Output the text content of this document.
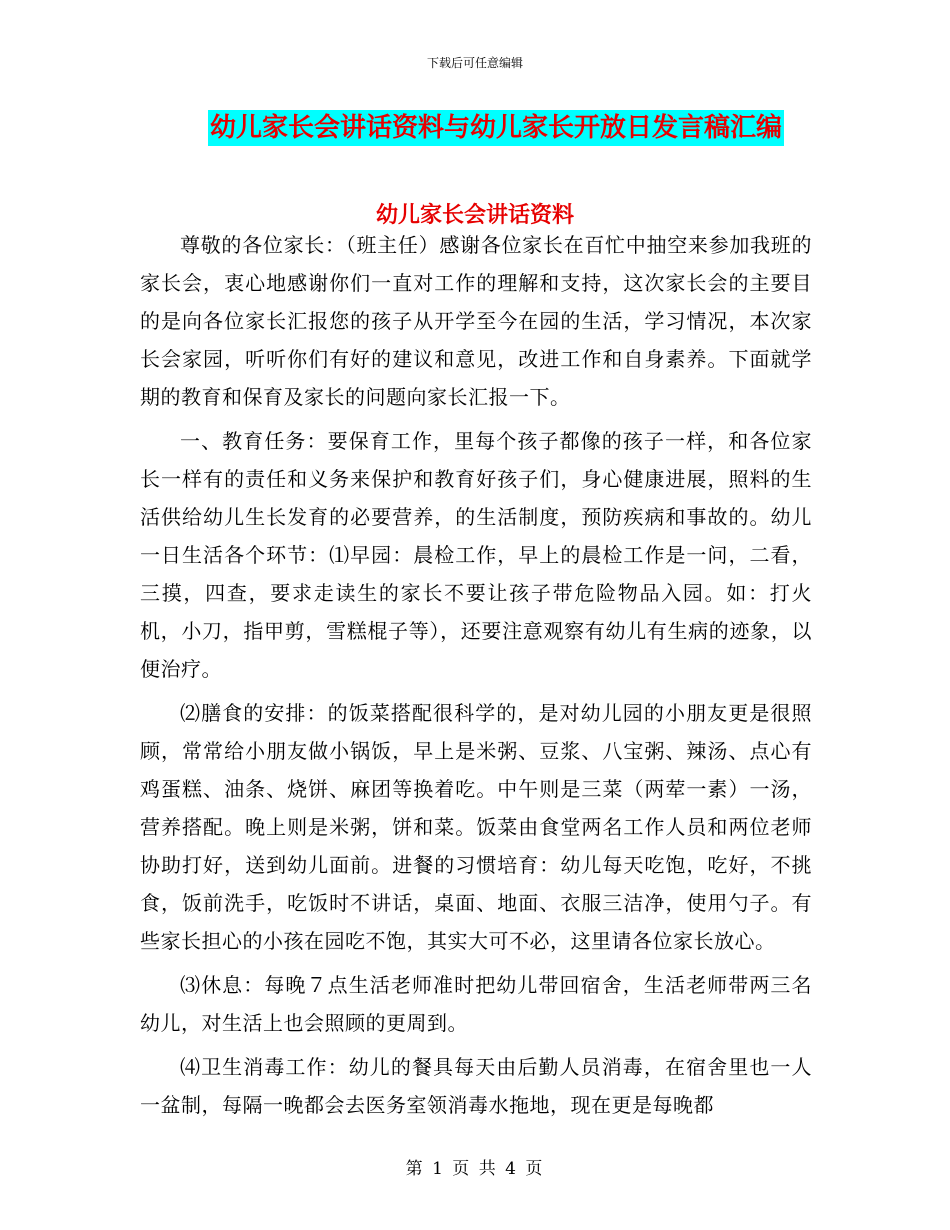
下载后可任意编辑
幼儿家长会讲话资料与幼儿家长开放日发言稿汇编
幼儿家长会讲话资料

尊敬的各位家长：（班主任）感谢各位家长在百忙中抽空来参加我班的家长会，衷心地感谢你们一直对工作的理解和支持，这次家长会的主要目的是向各位家长汇报您的孩子从开学至今在园的生活，学习情况，本次家长会家园，听听你们有好的建议和意见，改进工作和自身素养。下面就学期的教育和保育及家长的问题向家长汇报一下。

一、教育任务：要保育工作，里每个孩子都像的孩子一样，和各位家长一样有的责任和义务来保护和教育好孩子们，身心健康进展，照料的生活供给幼儿生长发育的必要营养，的生活制度，预防疾病和事故的。幼儿一日生活各个环节：⑴早园：晨检工作，早上的晨检工作是一问，二看，三摸，四查，要求走读生的家长不要让孩子带危险物品入园。如：打火机，小刀，指甲剪，雪糕棍子等），还要注意观察有幼儿有生病的迹象，以便治疗。

⑵膳食的安排：的饭菜搭配很科学的，是对幼儿园的小朋友更是很照顾，常常给小朋友做小锅饭，早上是米粥、豆浆、八宝粥、辣汤、点心有鸡蛋糕、油条、烧饼、麻团等换着吃。中午则是三菜（两荤一素）一汤，营养搭配。晚上则是米粥，饼和菜。饭菜由食堂两名工作人员和两位老师协助打好，送到幼儿面前。进餐的习惯培育：幼儿每天吃饱，吃好，不挑食，饭前洗手，吃饭时不讲话，桌面、地面、衣服三洁净，使用勺子。有些家长担心的小孩在园吃不饱，其实大可不必，这里请各位家长放心。

⑶休息：每晚７点生活老师准时把幼儿带回宿舍，生活老师带两三名幼儿，对生活上也会照顾的更周到。

⑷卫生消毒工作：幼儿的餐具每天由后勤人员消毒，在宿舍里也一人一盆制，每隔一晚都会去医务室领消毒水拖地，现在更是每晚都

第 1 页 共 4 页
